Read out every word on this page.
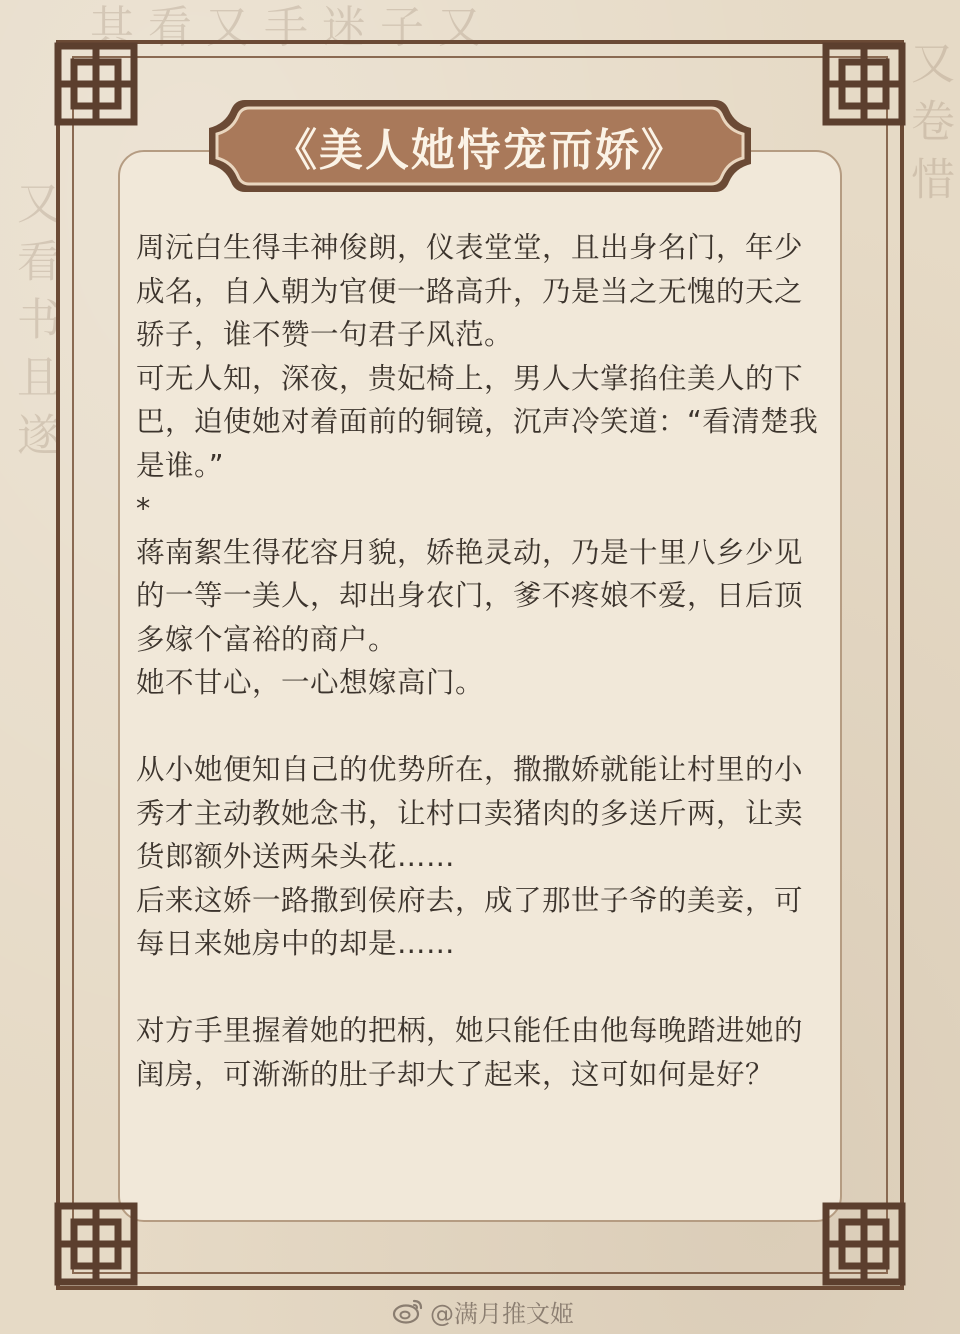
又看书且遂
其看又手迷子又
又卷惜
《美人她恃宠而娇》

周沅白生得丰神俊朗，仪表堂堂，且出身名门，年少成名，自入朝为官便一路高升，乃是当之无愧的天之骄子，谁不赞一句君子风范。

可无人知，深夜，贵妃椅上，男人大掌掐住美人的下巴，迫使她对着面前的铜镜，沉声冷笑道：“看清楚我是谁。”

*

蒋南絮生得花容月貌，娇艳灵动，乃是十里八乡少见的一等一美人，却出身农门，爹不疼娘不爱，日后顶多嫁个富裕的商户。

她不甘心，一心想嫁高门。

从小她便知自己的优势所在，撒撒娇就能让村里的小秀才主动教她念书，让村口卖猪肉的多送斤两，让卖货郎额外送两朵头花……

后来这娇一路撒到侯府去，成了那世子爷的美妾，可每日来她房中的却是……

对方手里握着她的把柄，她只能任由他每晚踏进她的闺房，可渐渐的肚子却大了起来，这可如何是好？

@满月推文姬
